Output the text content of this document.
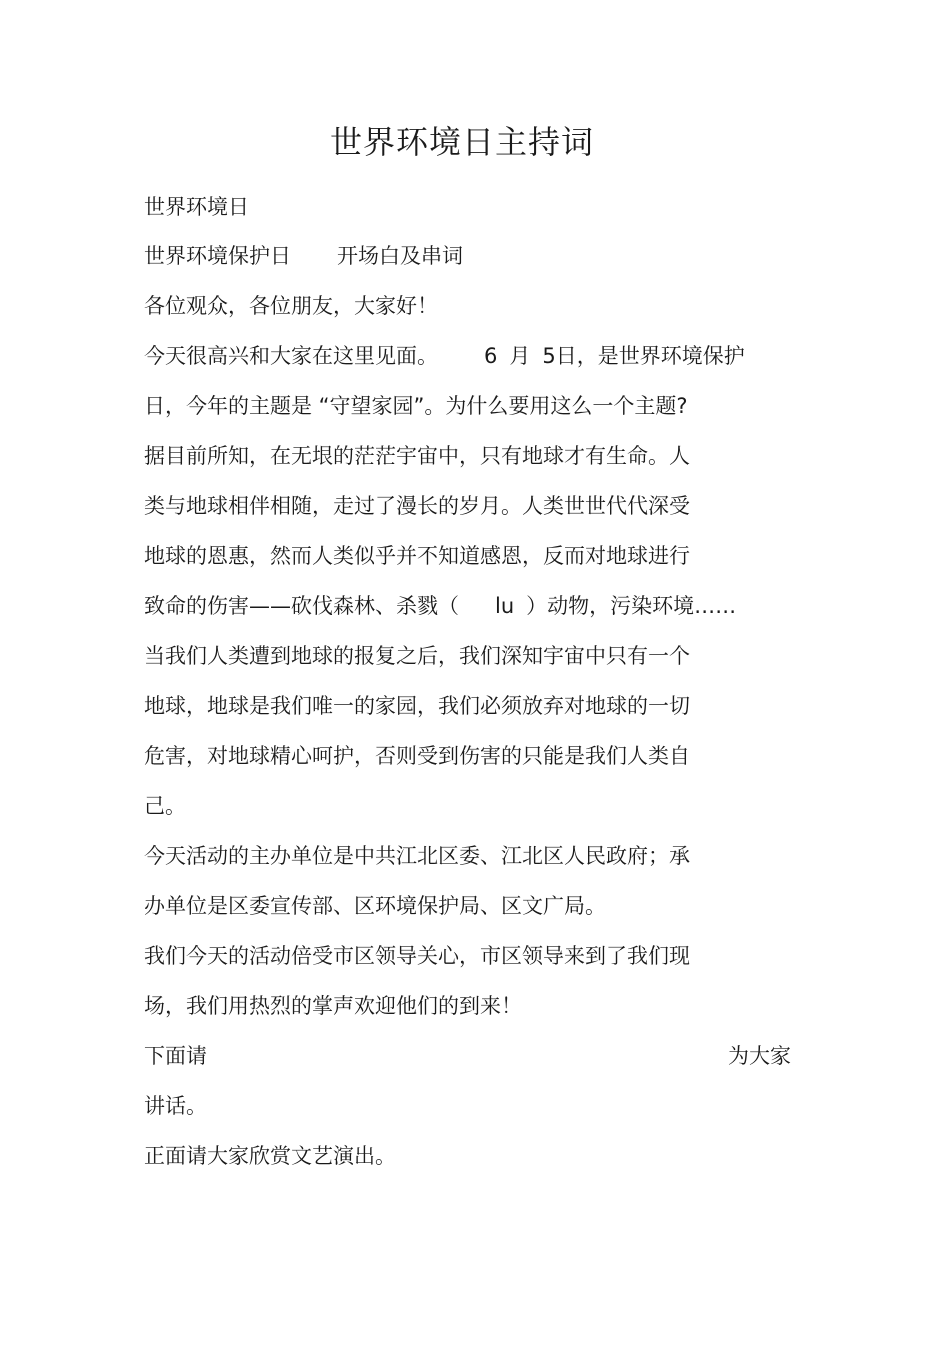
世界环境日主持词

世界环境日

世界环境保护日 开场白及串词

各位观众，各位朋友，大家好！

今天很高兴和大家在这里见面。 6 月 5日，是世界环境保护

日，今年的主题是 “守望家园”。为什么要用这么一个主题?

据目前所知，在无垠的茫茫宇宙中，只有地球才有生命。人

类与地球相伴相随，走过了漫长的岁月。人类世世代代深受

地球的恩惠，然而人类似乎并不知道感恩，反而对地球进行

致命的伤害——砍伐森林、杀戮（ lu ）动物，污染环境……

当我们人类遭到地球的报复之后，我们深知宇宙中只有一个

地球，地球是我们唯一的家园，我们必须放弃对地球的一切

危害，对地球精心呵护，否则受到伤害的只能是我们人类自

己。

今天活动的主办单位是中共江北区委、江北区人民政府；承

办单位是区委宣传部、区环境保护局、区文广局。

我们今天的活动倍受市区领导关心，市区领导来到了我们现

场，我们用热烈的掌声欢迎他们的到来！

下面请	为大家

讲话。

正面请大家欣赏文艺演出。
